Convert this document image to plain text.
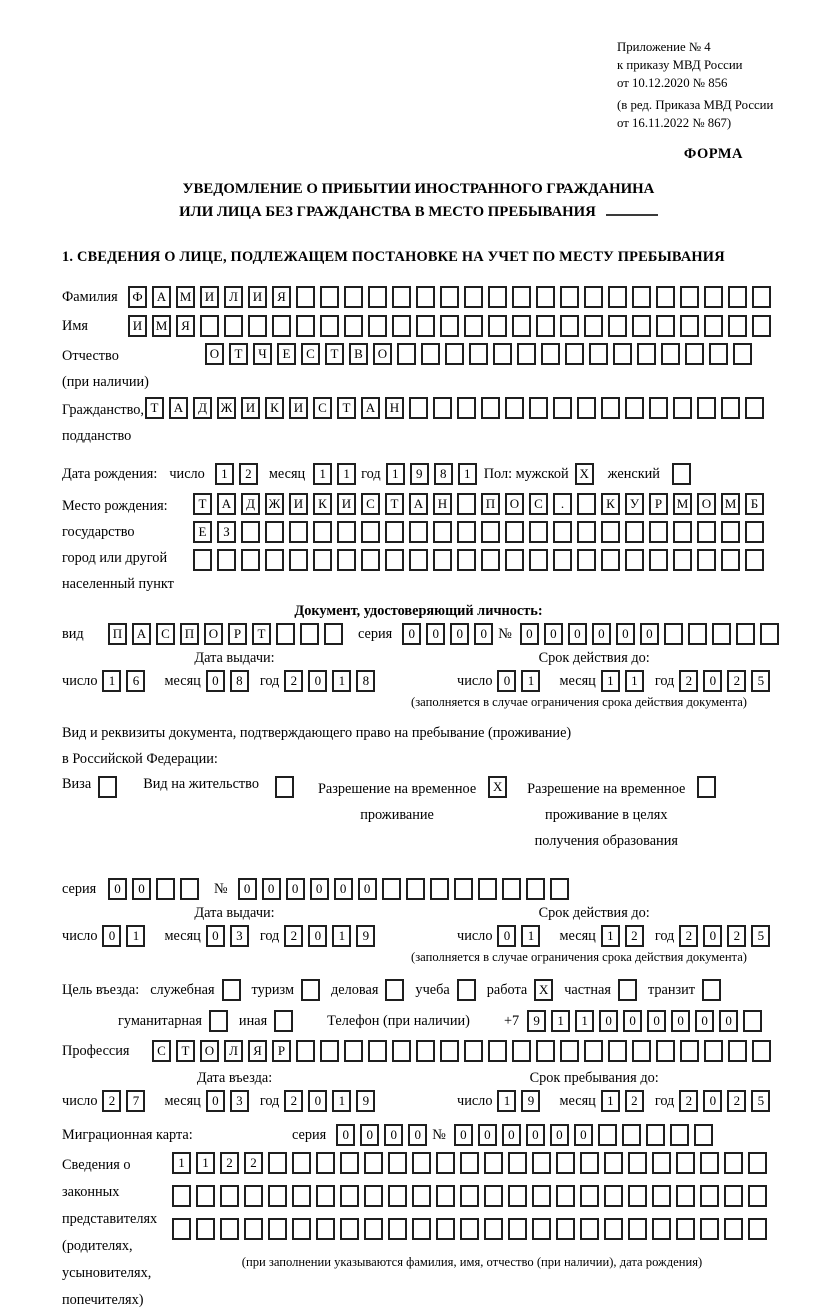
Приложение № 4
к приказу МВД России
от 10.12.2020 № 856
(в ред. Приказа МВД России
от 16.11.2022 № 867)
ФОРМА
УВЕДОМЛЕНИЕ О ПРИБЫТИИ ИНОСТРАННОГО ГРАЖДАНИНА
ИЛИ ЛИЦА БЕЗ ГРАЖДАНСТВА В МЕСТО ПРЕБЫВАНИЯ
1. СВЕДЕНИЯ О ЛИЦЕ, ПОДЛЕЖАЩЕМ ПОСТАНОВКЕ НА УЧЕТ ПО МЕСТУ ПРЕБЫВАНИЯ
Фамилия	Ф	А	М	И	Л	И	Я
Имя	И	М	Я
Отчество
(при наличии)
О	Т	Ч	Е	С	Т	В	О
Гражданство,
подданство
Т	А	Д	Ж	И	К	И	С	Т	А	Н
Дата рождения: число	1	2	месяц	1	1 год 1	9	8	1 Пол: мужской X	женский
Место рождения:
государство
город или другой
населенный пункт
Т	А	Д	Ж	И	К	И	С	Т	А	Н	П	О	С	.	К	У	Р	М	О	М	Б
Е	З
Документ, удостоверяющий личность:
вид	П	А	С	П	О	Р	Т	серия	0	0	0	0 №	0	0	0	0	0	0
Дата выдачи:
число 1	6	месяц 0	8	год 2	0	1	8
Срок действия до:
число 0	1	месяц 1	1	год 2	0	2	5
(заполняется в случае ограничения срока действия документа)
Вид и реквизиты документа, подтверждающего право на пребывание (проживание)
в Российской Федерации:
Виза	Вид на жительство	Разрешение на временное
проживание
X	Разрешение на временное
проживание в целях
получения образования
серия	0	0	№	0	0	0	0	0	0
Дата выдачи:
число 0	1	месяц 0	3	год 2	0	1	9
Срок действия до:
число 0	1	месяц 1	2	год 2	0	2	5
(заполняется в случае ограничения срока действия документа)
Цель въезда: служебная	туризм	деловая	учеба	работа X	частная	транзит
гуманитарная	иная	Телефон (при наличии) +7	9	1	1	0	0	0	0	0	0
Профессия	С	Т	О	Л	Я	Р
Дата въезда:
число 2	7	месяц 0	3	год 2	0	1	9
Срок пребывания до:
число 1	9	месяц 1	2	год 2	0	2	5
Миграционная карта:	серия	0	0	0	0 №	0	0	0	0	0	0
Сведения о
законных
представителях
(родителях,
усыновителях,
попечителях)
1	1	2	2
(при заполнении указываются фамилия, имя, отчество (при наличии), дата рождения)
